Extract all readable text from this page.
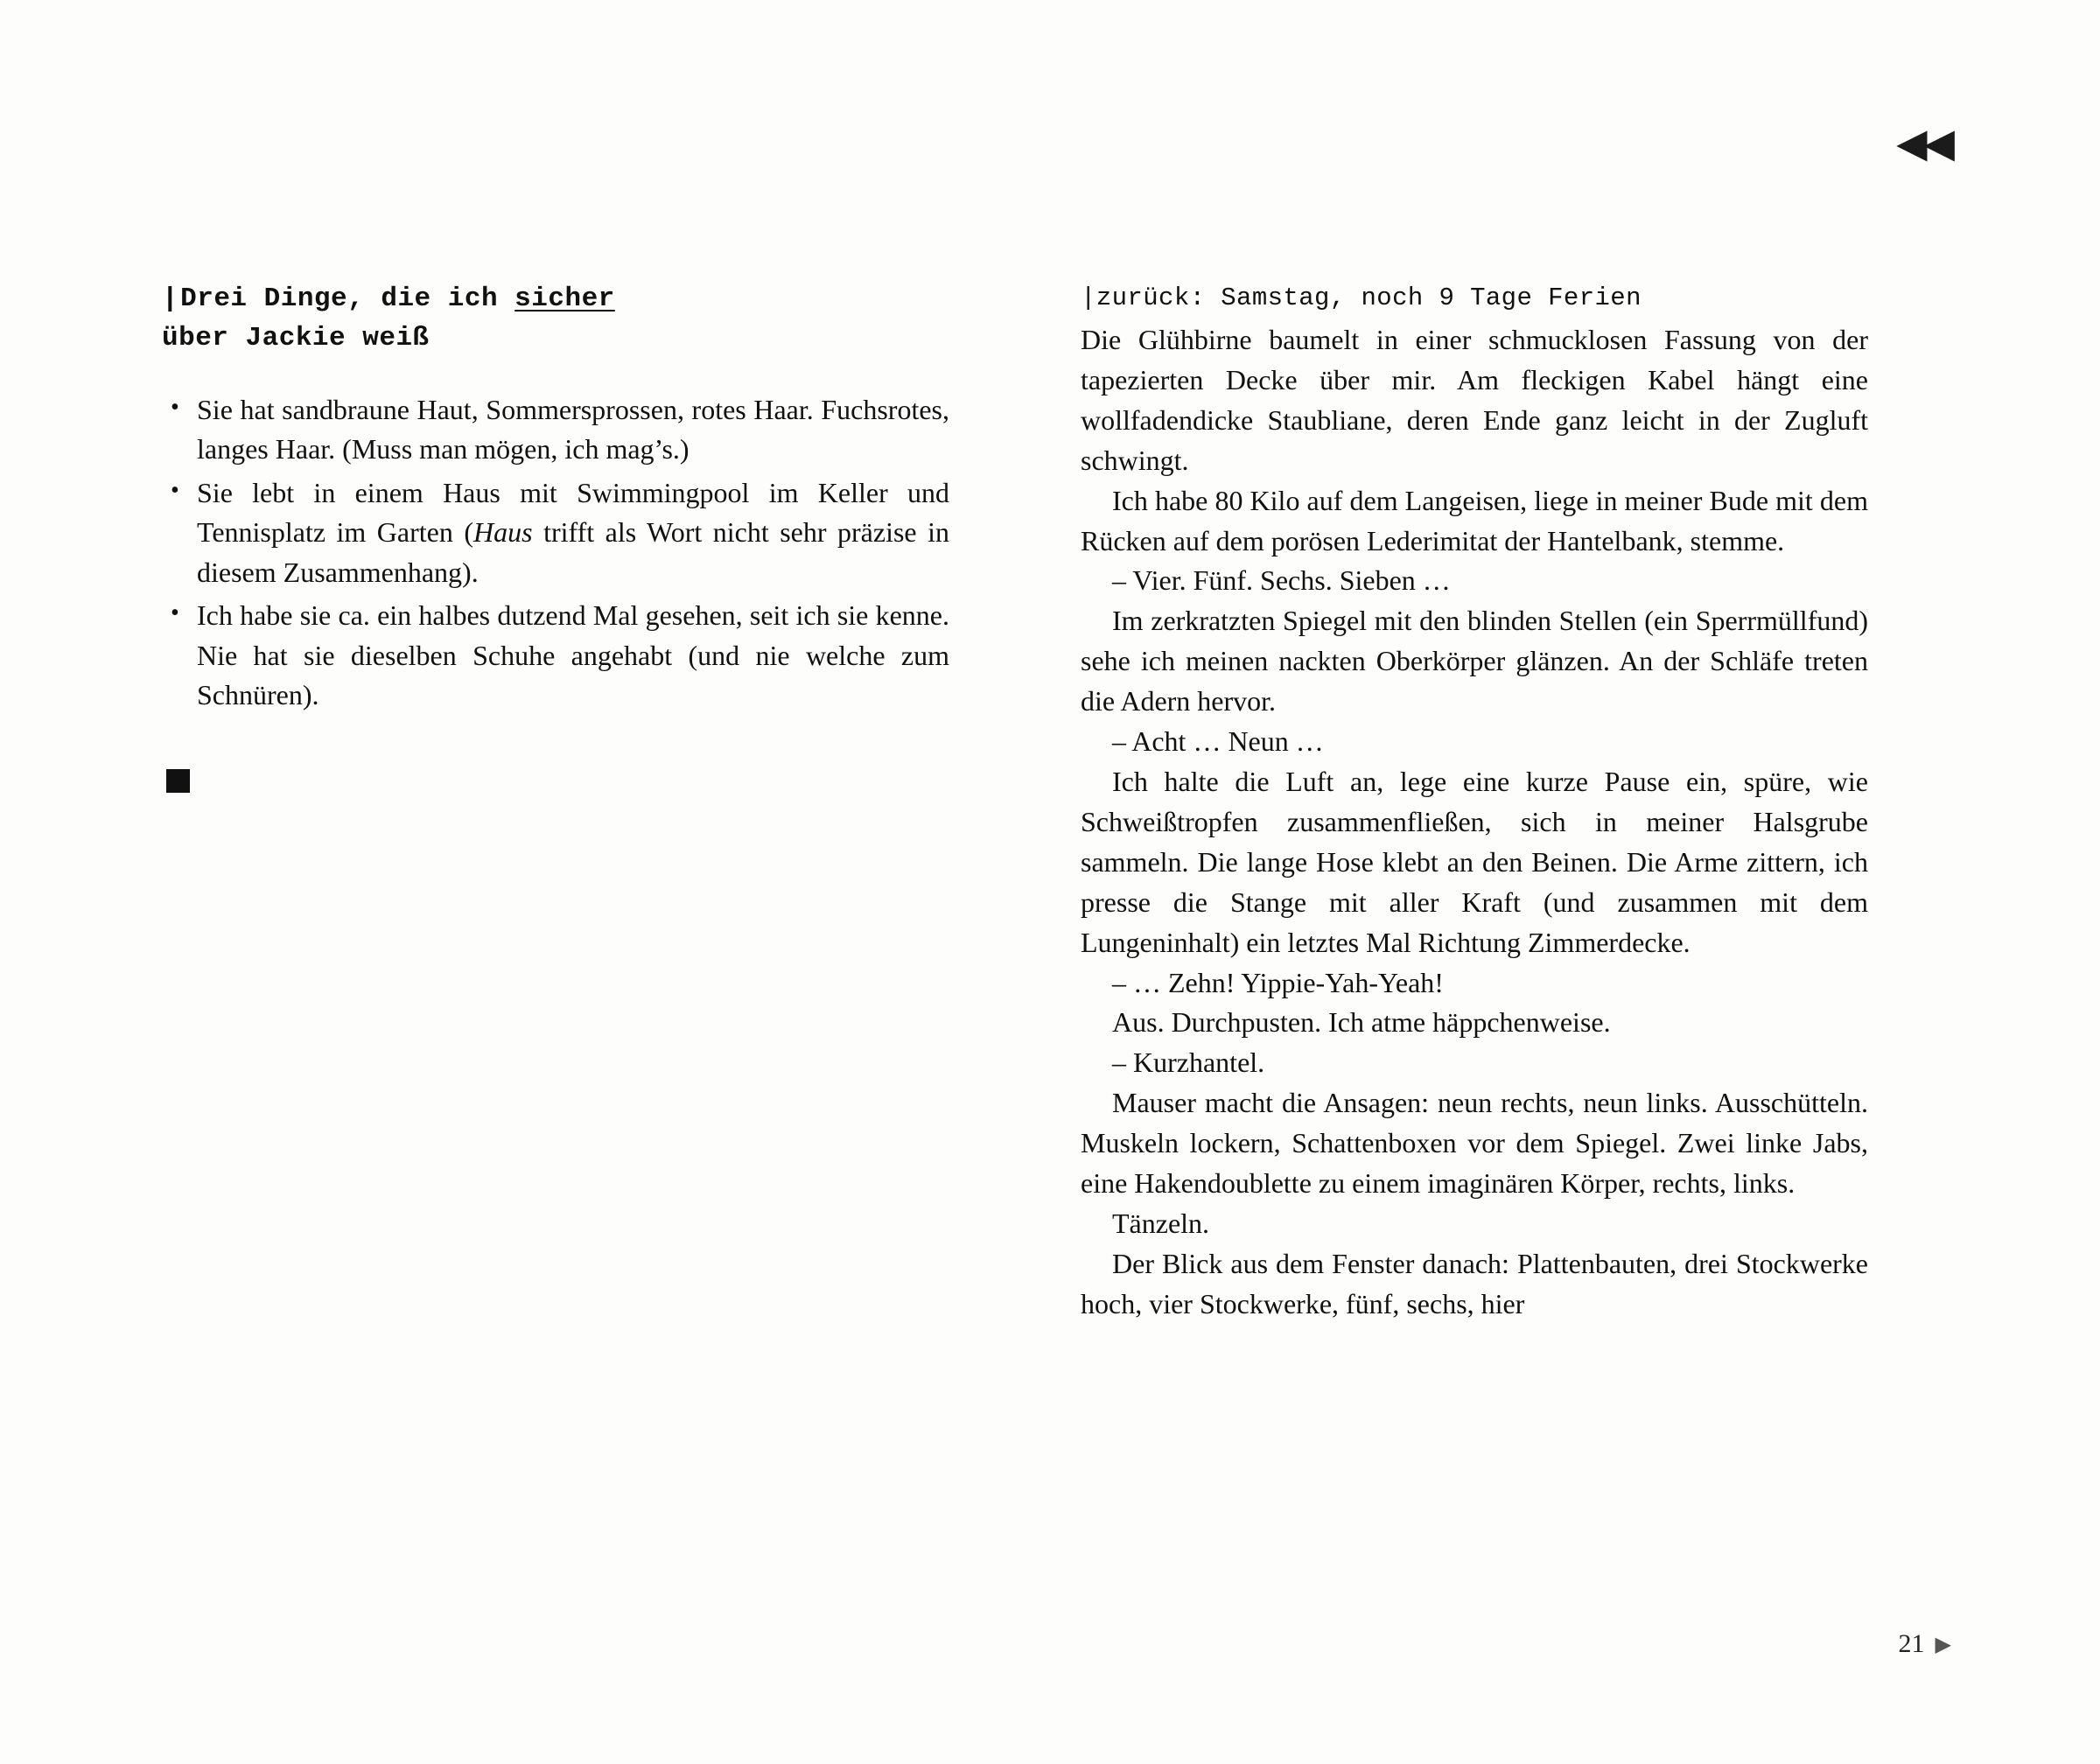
◀◀
|Drei Dinge, die ich sicher
über Jackie weiß
• Sie hat sandbraune Haut, Sommersprossen, rotes Haar. Fuchsrotes, langes Haar. (Muss man mögen, ich mag’s.)
• Sie lebt in einem Haus mit Swimmingpool im Keller und Tennisplatz im Garten (Haus trifft als Wort nicht sehr präzise in diesem Zusammenhang).
• Ich habe sie ca. ein halbes dutzend Mal gesehen, seit ich sie kenne. Nie hat sie dieselben Schuhe angehabt (und nie welche zum Schnüren).
|zurück: Samstag, noch 9 Tage Ferien

Die Glühbirne baumelt in einer schmucklosen Fassung von der tapezierten Decke über mir. Am fleckigen Kabel hängt eine wollfadendicke Staubliane, deren Ende ganz leicht in der Zugluft schwingt.

Ich habe 80 Kilo auf dem Langeisen, liege in meiner Bude mit dem Rücken auf dem porösen Lederimitat der Hantelbank, stemme.

– Vier. Fünf. Sechs. Sieben …

Im zerkratzten Spiegel mit den blinden Stellen (ein Sperrmüllfund) sehe ich meinen nackten Oberkörper glänzen. An der Schläfe treten die Adern hervor.

– Acht … Neun …

Ich halte die Luft an, lege eine kurze Pause ein, spüre, wie Schweißtropfen zusammenfließen, sich in meiner Halsgrube sammeln. Die lange Hose klebt an den Beinen. Die Arme zittern, ich presse die Stange mit aller Kraft (und zusammen mit dem Lungeninhalt) ein letztes Mal Richtung Zimmerdecke.

– … Zehn! Yippie-Yah-Yeah!

Aus. Durchpusten. Ich atme häppchenweise.

– Kurzhantel.

Mauser macht die Ansagen: neun rechts, neun links. Ausschütteln. Muskeln lockern, Schattenboxen vor dem Spiegel. Zwei linke Jabs, eine Hakendoublette zu einem imaginären Körper, rechts, links.

Tänzeln.

Der Blick aus dem Fenster danach: Plattenbauten, drei Stockwerke hoch, vier Stockwerke, fünf, sechs, hier

21 ▶
